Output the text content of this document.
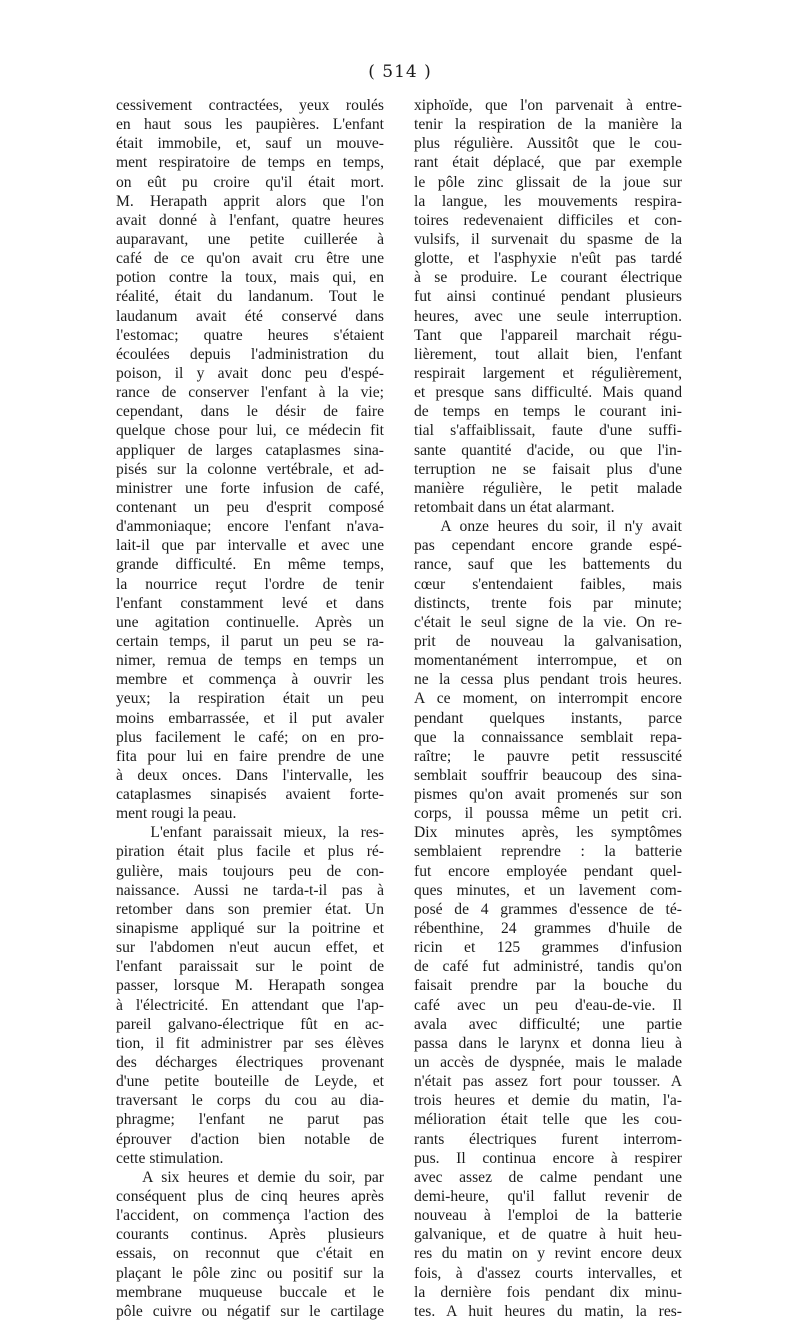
( 514 )
cessivement contractées, yeux roulés
en haut sous les paupières. L'enfant
était immobile, et, sauf un mouve-
ment respiratoire de temps en temps,
on eût pu croire qu'il était mort.
M. Herapath apprit alors que l'on
avait donné à l'enfant, quatre heures
auparavant, une petite cuillerée à
café de ce qu'on avait cru être une
potion contre la toux, mais qui, en
réalité, était du landanum. Tout le
laudanum avait été conservé dans
l'estomac; quatre heures s'étaient
écoulées depuis l'administration du
poison, il y avait donc peu d'espé-
rance de conserver l'enfant à la vie;
cependant, dans le désir de faire
quelque chose pour lui, ce médecin fit
appliquer de larges cataplasmes sina-
pisés sur la colonne vertébrale, et ad-
ministrer une forte infusion de café,
contenant un peu d'esprit composé
d'ammoniaque; encore l'enfant n'ava-
lait-il que par intervalle et avec une
grande difficulté. En même temps,
la nourrice reçut l'ordre de tenir
l'enfant constamment levé et dans
une agitation continuelle. Après un
certain temps, il parut un peu se ra-
nimer, remua de temps en temps un
membre et commença à ouvrir les
yeux; la respiration était un peu
moins embarrassée, et il put avaler
plus facilement le café; on en pro-
fita pour lui en faire prendre de une
à deux onces. Dans l'intervalle, les
cataplasmes sinapisés avaient forte-
ment rougi la peau.
L'enfant paraissait mieux, la res-
piration était plus facile et plus ré-
gulière, mais toujours peu de con-
naissance. Aussi ne tarda-t-il pas à
retomber dans son premier état. Un
sinapisme appliqué sur la poitrine et
sur l'abdomen n'eut aucun effet, et
l'enfant paraissait sur le point de
passer, lorsque M. Herapath songea
à l'électricité. En attendant que l'ap-
pareil galvano-électrique fût en ac-
tion, il fit administrer par ses élèves
des décharges électriques provenant
d'une petite bouteille de Leyde, et
traversant le corps du cou au dia-
phragme; l'enfant ne parut pas
éprouver d'action bien notable de
cette stimulation.
A six heures et demie du soir, par
conséquent plus de cinq heures après
l'accident, on commença l'action des
courants continus. Après plusieurs
essais, on reconnut que c'était en
plaçant le pôle zinc ou positif sur la
membrane muqueuse buccale et le
pôle cuivre ou négatif sur le cartilage
xiphoïde, que l'on parvenait à entre-
tenir la respiration de la manière la
plus régulière. Aussitôt que le cou-
rant était déplacé, que par exemple
le pôle zinc glissait de la joue sur
la langue, les mouvements respira-
toires redevenaient difficiles et con-
vulsifs, il survenait du spasme de la
glotte, et l'asphyxie n'eût pas tardé
à se produire. Le courant électrique
fut ainsi continué pendant plusieurs
heures, avec une seule interruption.
Tant que l'appareil marchait régu-
lièrement, tout allait bien, l'enfant
respirait largement et régulièrement,
et presque sans difficulté. Mais quand
de temps en temps le courant ini-
tial s'affaiblissait, faute d'une suffi-
sante quantité d'acide, ou que l'in-
terruption ne se faisait plus d'une
manière régulière, le petit malade
retombait dans un état alarmant.
A onze heures du soir, il n'y avait
pas cependant encore grande espé-
rance, sauf que les battements du
cœur s'entendaient faibles, mais
distincts, trente fois par minute;
c'était le seul signe de la vie. On re-
prit de nouveau la galvanisation,
momentanément interrompue, et on
ne la cessa plus pendant trois heures.
A ce moment, on interrompit encore
pendant quelques instants, parce
que la connaissance semblait repa-
raître; le pauvre petit ressuscité
semblait souffrir beaucoup des sina-
pismes qu'on avait promenés sur son
corps, il poussa même un petit cri.
Dix minutes après, les symptômes
semblaient reprendre : la batterie
fut encore employée pendant quel-
ques minutes, et un lavement com-
posé de 4 grammes d'essence de té-
rébenthine, 24 grammes d'huile de
ricin et 125 grammes d'infusion
de café fut administré, tandis qu'on
faisait prendre par la bouche du
café avec un peu d'eau-de-vie. Il
avala avec difficulté; une partie
passa dans le larynx et donna lieu à
un accès de dyspnée, mais le malade
n'était pas assez fort pour tousser. A
trois heures et demie du matin, l'a-
mélioration était telle que les cou-
rants électriques furent interrom-
pus. Il continua encore à respirer
avec assez de calme pendant une
demi-heure, qu'il fallut revenir de
nouveau à l'emploi de la batterie
galvanique, et de quatre à huit heu-
res du matin on y revint encore deux
fois, à d'assez courts intervalles, et
la dernière fois pendant dix minu-
tes. A huit heures du matin, la res-
